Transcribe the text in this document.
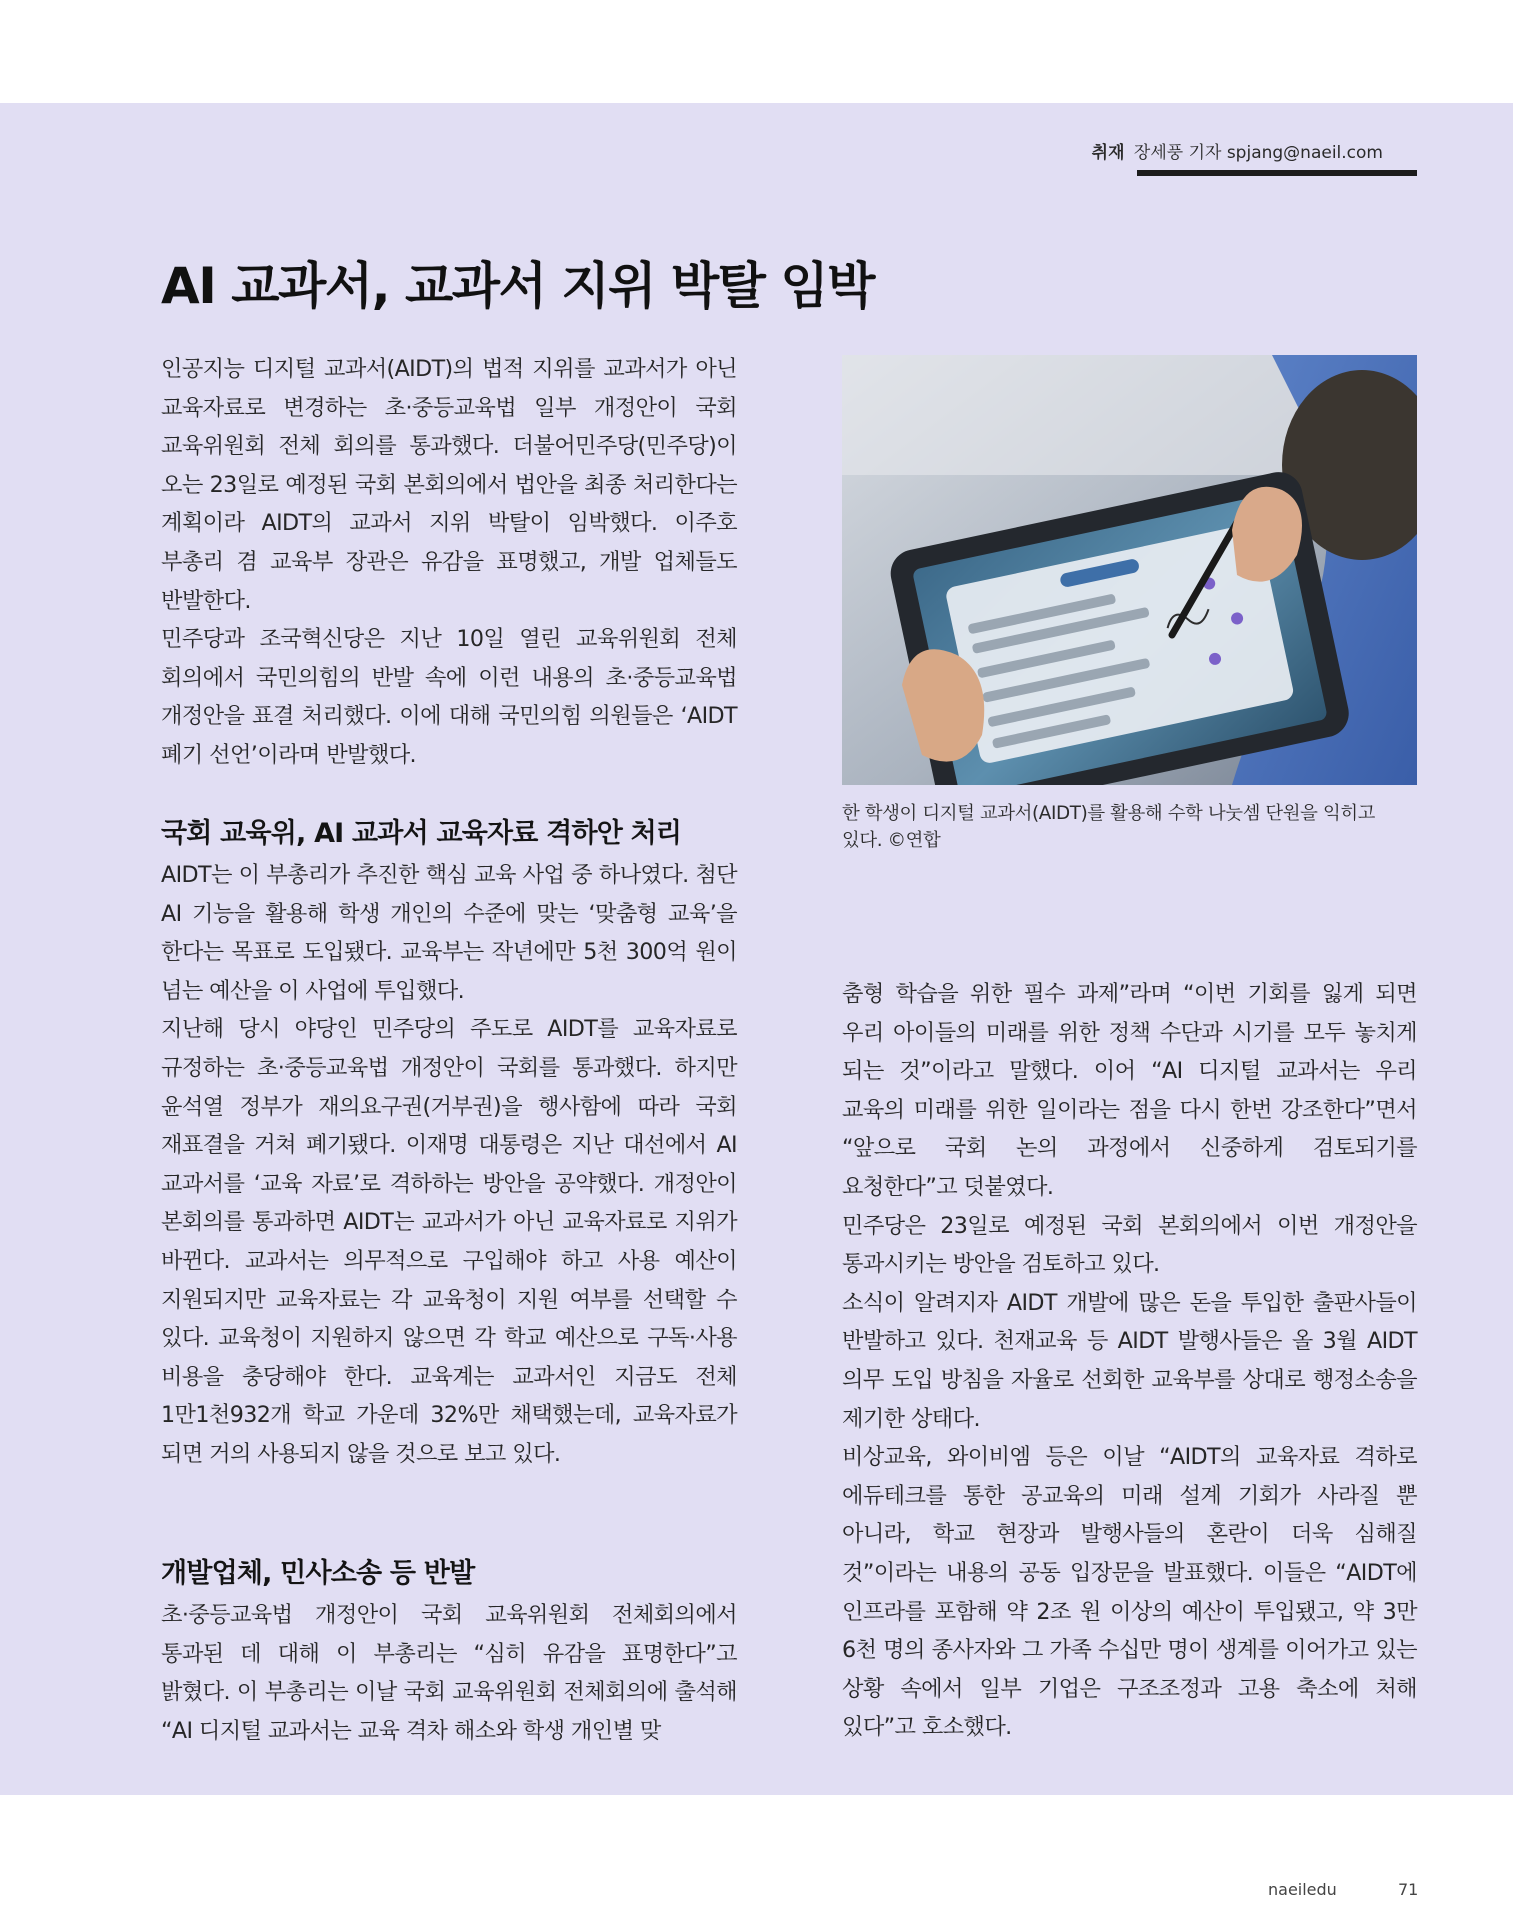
취재 장세풍 기자 spjang@naeil.com
AI 교과서, 교과서 지위 박탈 임박

인공지능 디지털 교과서(AIDT)의 법적 지위를 교과서가 아닌 교육자료로 변경하는 초·중등교육법 일부 개정안이 국회 교육위원회 전체 회의를 통과했다. 더불어민주당(민주당)이 오는 23일로 예정된 국회 본회의에서 법안을 최종 처리한다는 계획이라 AIDT의 교과서 지위 박탈이 임박했다. 이주호 부총리 겸 교육부 장관은 유감을 표명했고, 개발 업체들도 반발한다.

민주당과 조국혁신당은 지난 10일 열린 교육위원회 전체 회의에서 국민의힘의 반발 속에 이런 내용의 초·중등교육법 개정안을 표결 처리했다. 이에 대해 국민의힘 의원들은 ‘AIDT 폐기 선언’이라며 반발했다.

국회 교육위, AI 교과서 교육자료 격하안 처리

AIDT는 이 부총리가 추진한 핵심 교육 사업 중 하나였다. 첨단 AI 기능을 활용해 학생 개인의 수준에 맞는 ‘맞춤형 교육’을 한다는 목표로 도입됐다. 교육부는 작년에만 5천 300억 원이 넘는 예산을 이 사업에 투입했다.

지난해 당시 야당인 민주당의 주도로 AIDT를 교육자료로 규정하는 초·중등교육법 개정안이 국회를 통과했다. 하지만 윤석열 정부가 재의요구권(거부권)을 행사함에 따라 국회 재표결을 거쳐 폐기됐다. 이재명 대통령은 지난 대선에서 AI 교과서를 ‘교육 자료’로 격하하는 방안을 공약했다. 개정안이 본회의를 통과하면 AIDT는 교과서가 아닌 교육자료로 지위가 바뀐다. 교과서는 의무적으로 구입해야 하고 사용 예산이 지원되지만 교육자료는 각 교육청이 지원 여부를 선택할 수 있다. 교육청이 지원하지 않으면 각 학교 예산으로 구독·사용 비용을 충당해야 한다. 교육계는 교과서인 지금도 전체 1만1천932개 학교 가운데 32%만 채택했는데, 교육자료가 되면 거의 사용되지 않을 것으로 보고 있다.

개발업체, 민사소송 등 반발

초·중등교육법 개정안이 국회 교육위원회 전체회의에서 통과된 데 대해 이 부총리는 “심히 유감을 표명한다”고 밝혔다. 이 부총리는 이날 국회 교육위원회 전체회의에 출석해 “AI 디지털 교과서는 교육 격차 해소와 학생 개인별 맞

한 학생이 디지털 교과서(AIDT)를 활용해 수학 나눗셈 단원을 익히고 있다. ©연합

춤형 학습을 위한 필수 과제”라며 “이번 기회를 잃게 되면 우리 아이들의 미래를 위한 정책 수단과 시기를 모두 놓치게 되는 것”이라고 말했다. 이어 “AI 디지털 교과서는 우리 교육의 미래를 위한 일이라는 점을 다시 한번 강조한다”면서 “앞으로 국회 논의 과정에서 신중하게 검토되기를 요청한다”고 덧붙였다.

민주당은 23일로 예정된 국회 본회의에서 이번 개정안을 통과시키는 방안을 검토하고 있다.

소식이 알려지자 AIDT 개발에 많은 돈을 투입한 출판사들이 반발하고 있다. 천재교육 등 AIDT 발행사들은 올 3월 AIDT 의무 도입 방침을 자율로 선회한 교육부를 상대로 행정소송을 제기한 상태다.

비상교육, 와이비엠 등은 이날 “AIDT의 교육자료 격하로 에듀테크를 통한 공교육의 미래 설계 기회가 사라질 뿐 아니라, 학교 현장과 발행사들의 혼란이 더욱 심해질 것”이라는 내용의 공동 입장문을 발표했다. 이들은 “AIDT에 인프라를 포함해 약 2조 원 이상의 예산이 투입됐고, 약 3만 6천 명의 종사자와 그 가족 수십만 명이 생계를 이어가고 있는 상황 속에서 일부 기업은 구조조정과 고용 축소에 처해 있다”고 호소했다.

naeiledu	71
